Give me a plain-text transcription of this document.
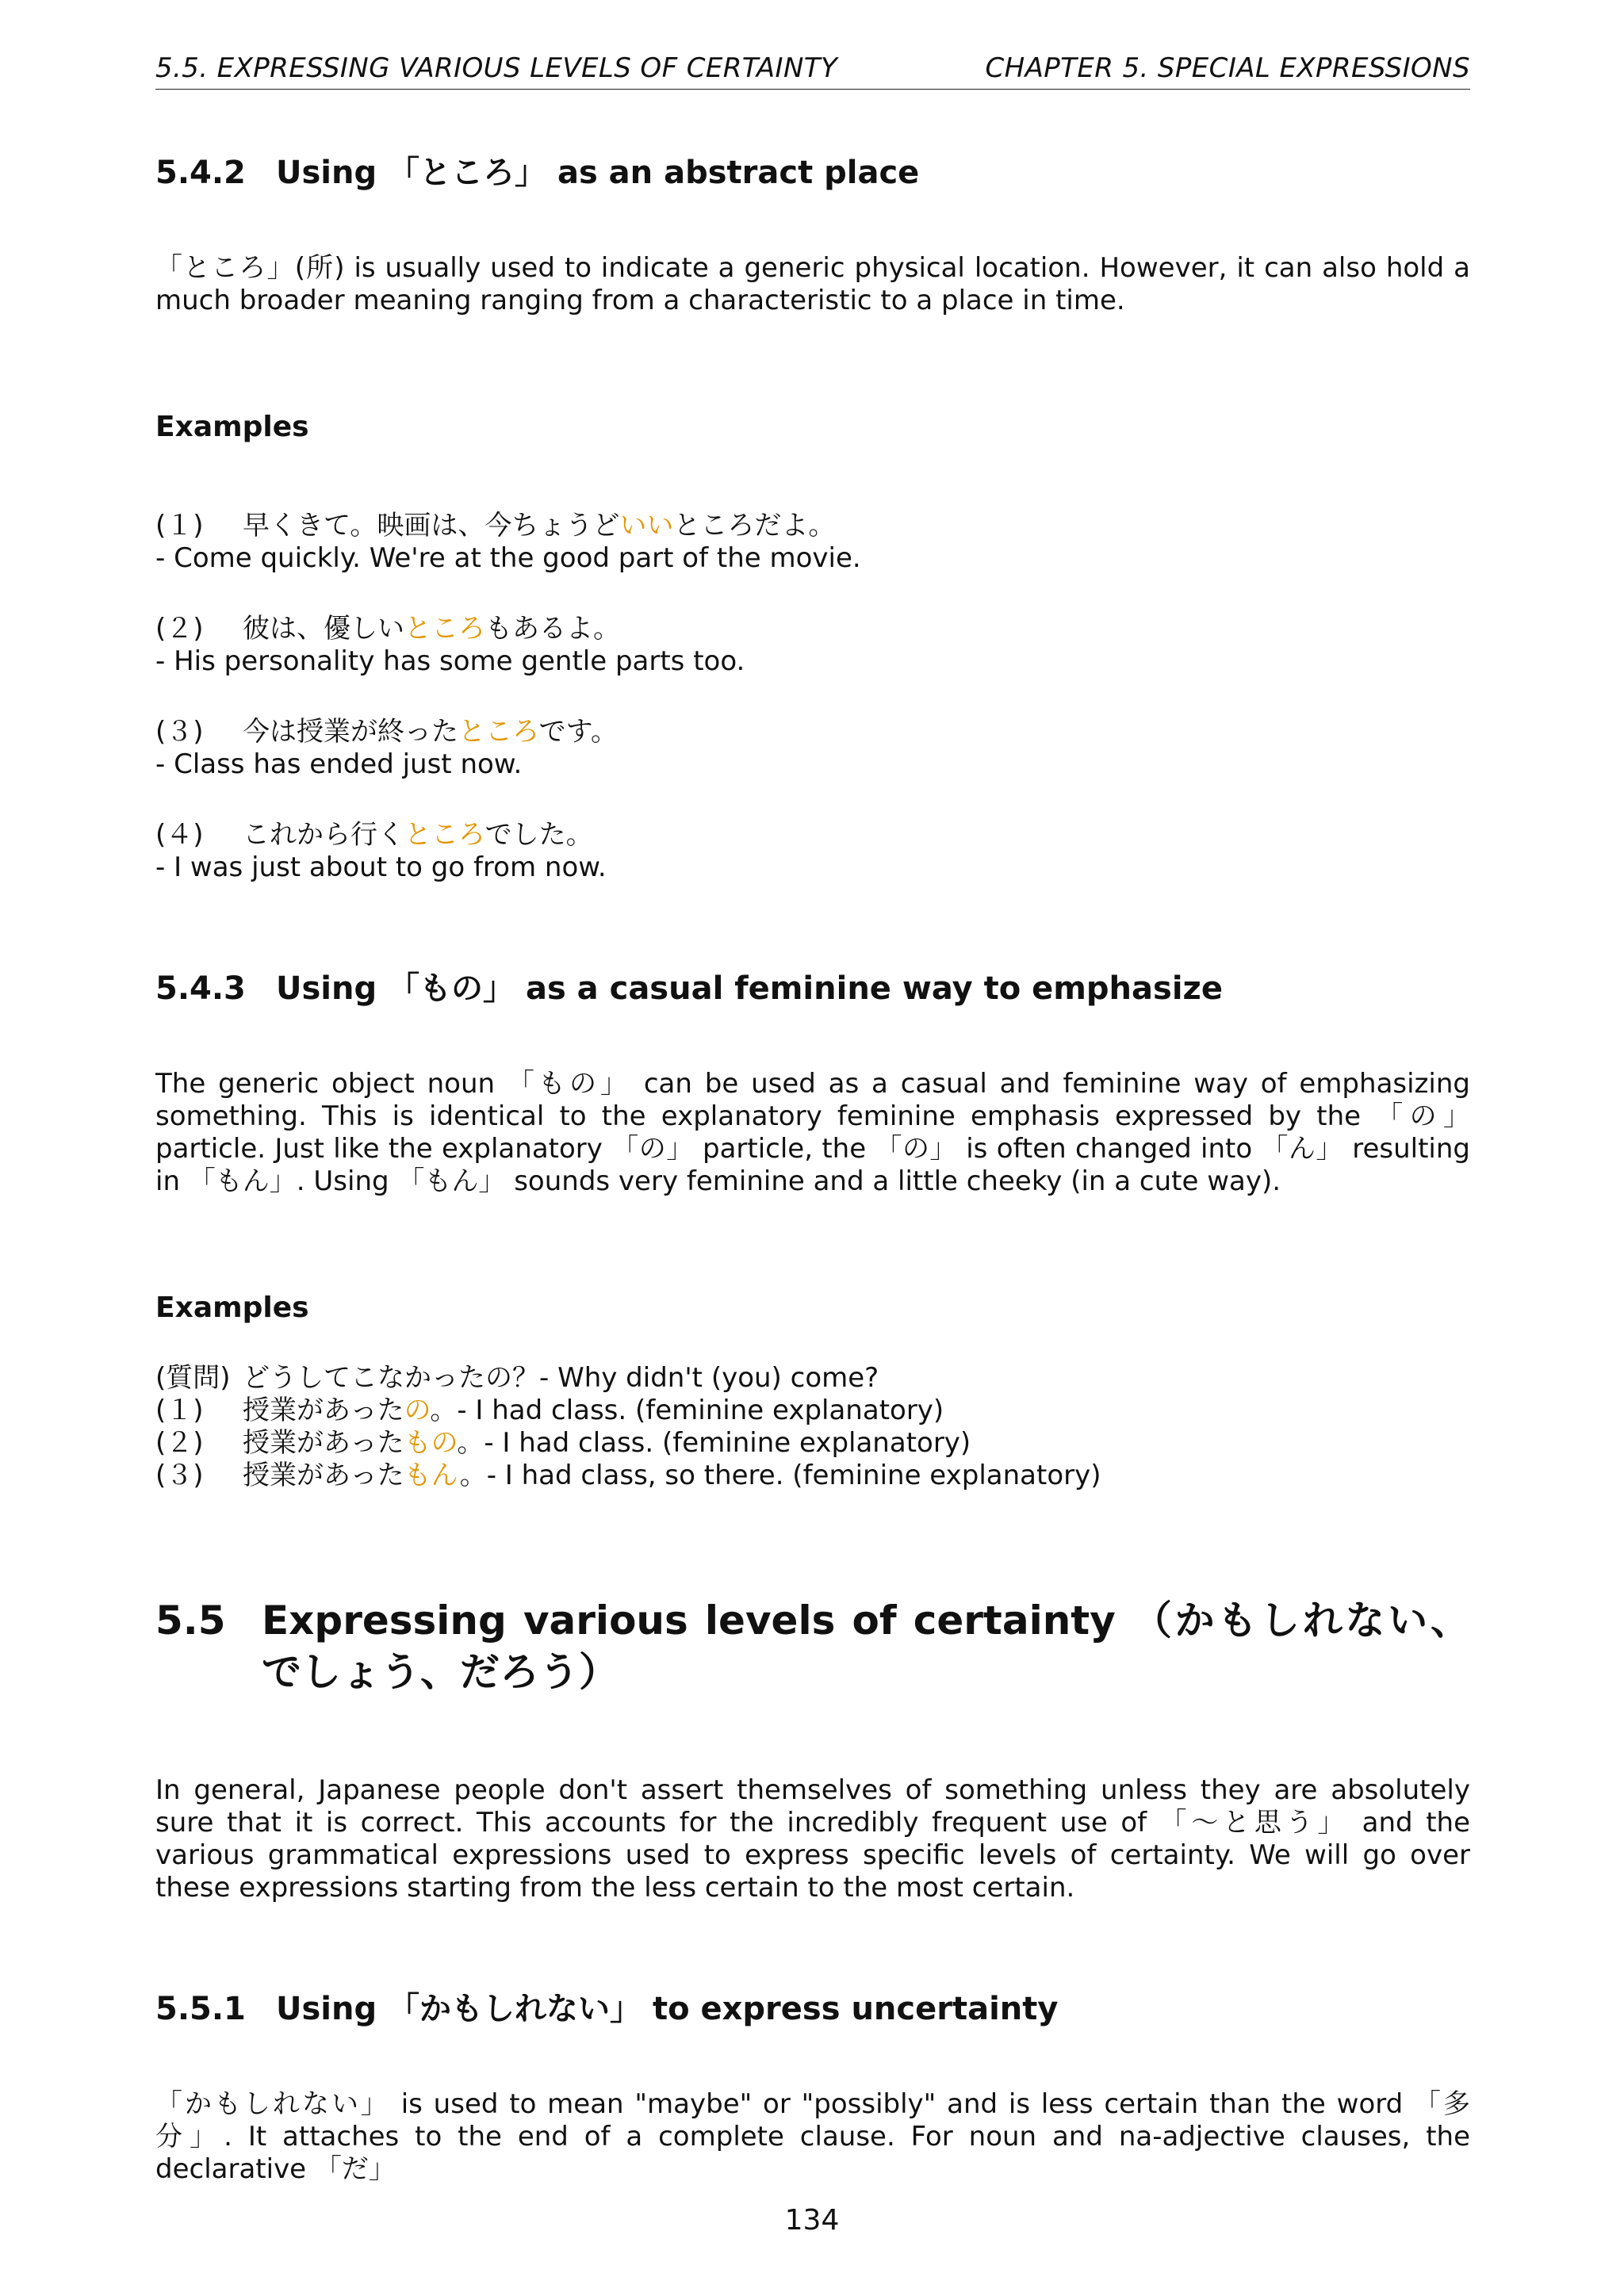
5.5. EXPRESSING VARIOUS LEVELS OF CERTAINTY	CHAPTER 5. SPECIAL EXPRESSIONS
5.4.2 Using 「ところ」 as an abstract place

「ところ」(所) is usually used to indicate a generic physical location. However, it can also hold a much broader meaning ranging from a characteristic to a place in time.

Examples
(１) 早くきて。映画は、今ちょうどいいところだよ。
- Come quickly. We're at the good part of the movie.
(２) 彼は、優しいところもあるよ。
- His personality has some gentle parts too.
(３) 今は授業が終ったところです。
- Class has ended just now.
(４) これから行くところでした。
- I was just about to go from now.
5.4.3 Using 「もの」 as a casual feminine way to emphasize

The generic object noun 「もの」 can be used as a casual and feminine way of emphasizing something. This is identical to the explanatory feminine emphasis expressed by the 「の」 particle. Just like the explanatory 「の」 particle, the 「の」 is often changed into 「ん」 resulting in 「もん」. Using 「もん」 sounds very feminine and a little cheeky (in a cute way).

Examples
(質問) どうしてこなかったの？- Why didn't (you) come?
(１) 授業があったの。- I had class. (feminine explanatory)
(２) 授業があったもの。- I had class. (feminine explanatory)
(３) 授業があったもん。- I had class, so there. (feminine explanatory)
5.5 Expressing various levels of certainty （かもしれない、でしょう、だろう）

In general, Japanese people don't assert themselves of something unless they are absolutely sure that it is correct. This accounts for the incredibly frequent use of 「～と思う」 and the various grammatical expressions used to express specific levels of certainty. We will go over these expressions starting from the less certain to the most certain.

5.5.1 Using 「かもしれない」 to express uncertainty

「かもしれない」 is used to mean "maybe" or "possibly" and is less certain than the word 「多分」. It attaches to the end of a complete clause. For noun and na-adjective clauses, the declarative 「だ」

134
